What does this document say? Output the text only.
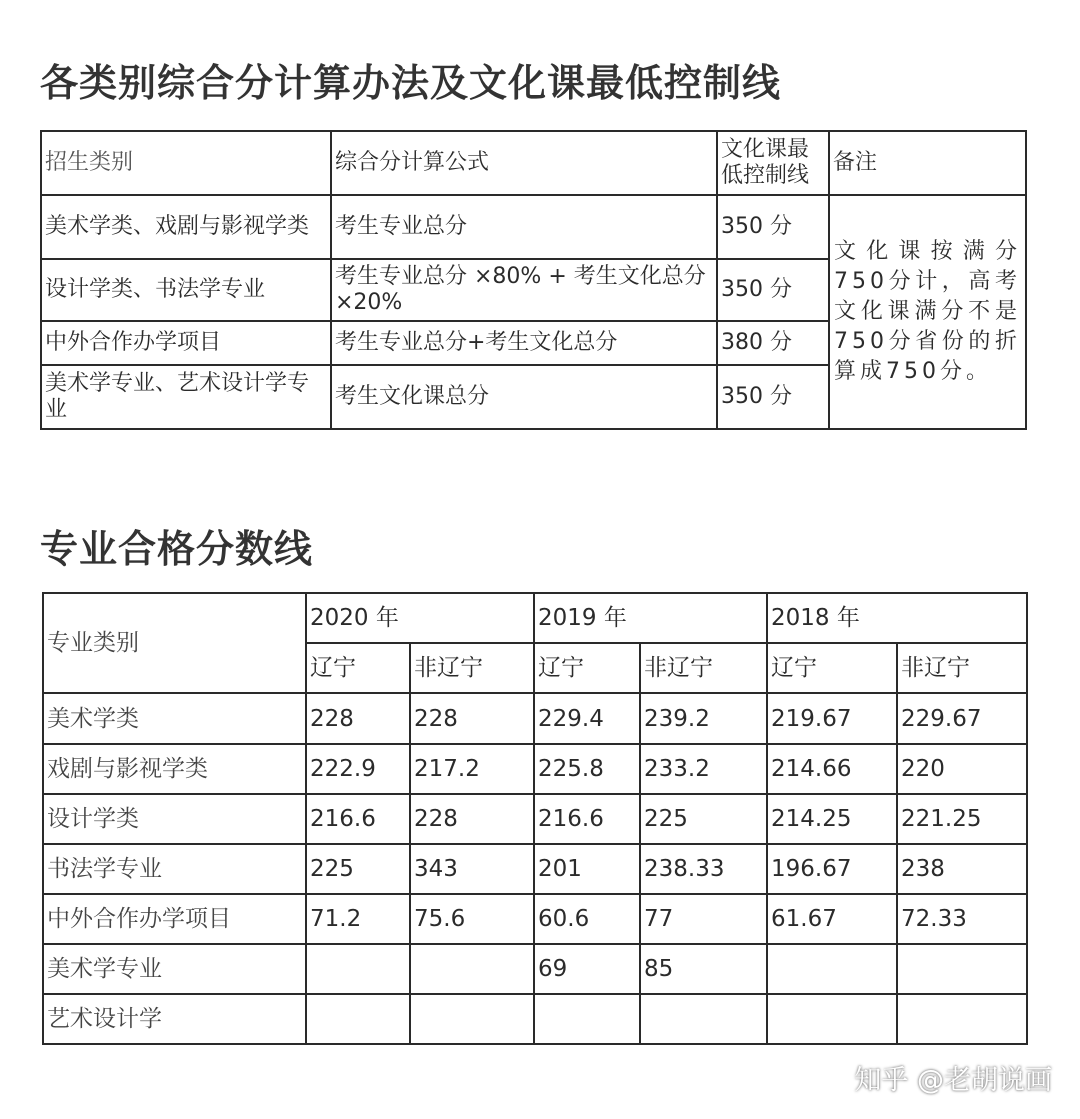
各类别综合分计算办法及文化课最低控制线
招生类别	综合分计算公式	文化课最低控制线	备注
美术学类、戏剧与影视学类	考生专业总分	350 分	文化课按满分750分计，高考文化课满分不是750分省份的折算成750分。
设计学类、书法学专业	考生专业总分 ×80% + 考生文化总分 ×20%	350 分	
中外合作办学项目	考生专业总分+考生文化总分	380 分	
美术学专业、艺术设计学专业	考生文化课总分	350 分	
专业合格分数线
专业类别	2020 年		2019 年		2018 年	
	辽宁	非辽宁	辽宁	非辽宁	辽宁	非辽宁
美术学类	228	228	229.4	239.2	219.67	229.67
戏剧与影视学类	222.9	217.2	225.8	233.2	214.66	220
设计学类	216.6	228	216.6	225	214.25	221.25
书法学专业	225	343	201	238.33	196.67	238
中外合作办学项目	71.2	75.6	60.6	77	61.67	72.33
美术学专业			69	85		
艺术设计学						
知乎 @老胡说画
